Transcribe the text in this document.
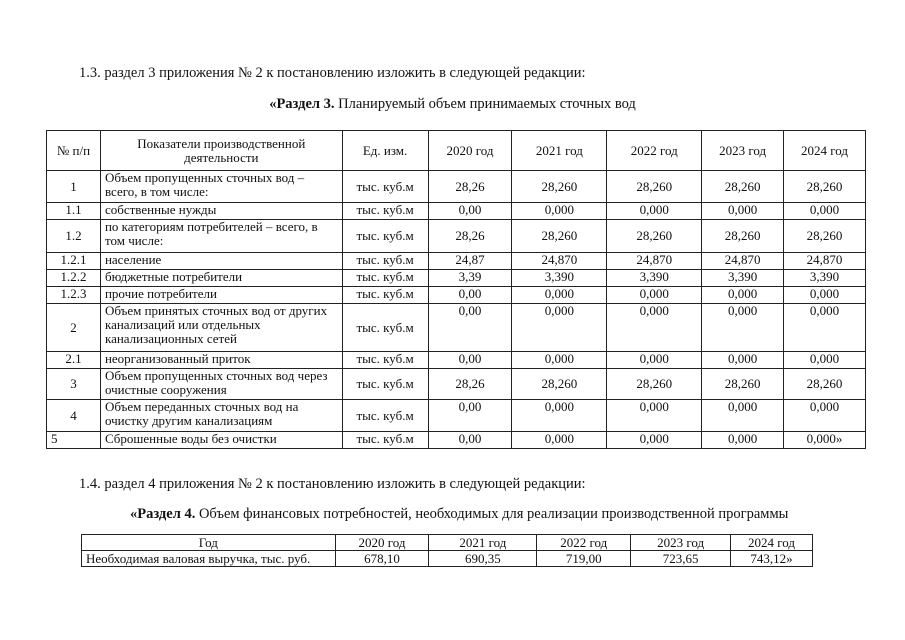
1.3. раздел 3 приложения № 2 к постановлению изложить в следующей редакции:
«Раздел 3. Планируемый объем принимаемых сточных вод
№ п/п	Показатели производственной деятельности	Ед. изм.	2020 год	2021 год	2022 год	2023 год	2024 год
1	Объем пропущенных сточных вод – всего, в том числе:	тыс. куб.м	28,26	28,260	28,260	28,260	28,260
1.1	собственные нужды	тыс. куб.м	0,00	0,000	0,000	0,000	0,000
1.2	по категориям потребителей – всего, в том числе:	тыс. куб.м	28,26	28,260	28,260	28,260	28,260
1.2.1	население	тыс. куб.м	24,87	24,870	24,870	24,870	24,870
1.2.2	бюджетные потребители	тыс. куб.м	3,39	3,390	3,390	3,390	3,390
1.2.3	прочие потребители	тыс. куб.м	0,00	0,000	0,000	0,000	0,000
2	Объем принятых сточных вод от других канализаций или отдельных канализационных сетей	тыс. куб.м	0,00	0,000	0,000	0,000	0,000
2.1	неорганизованный приток	тыс. куб.м	0,00	0,000	0,000	0,000	0,000
3	Объем пропущенных сточных вод через очистные сооружения	тыс. куб.м	28,26	28,260	28,260	28,260	28,260
4	Объем переданных сточных вод на очистку другим канализациям	тыс. куб.м	0,00	0,000	0,000	0,000	0,000
5	Сброшенные воды без очистки	тыс. куб.м	0,00	0,000	0,000	0,000	0,000»
1.4. раздел 4 приложения № 2 к постановлению изложить в следующей редакции:
«Раздел 4. Объем финансовых потребностей, необходимых для реализации производственной программы
Год	2020 год	2021 год	2022 год	2023 год	2024 год
Необходимая валовая выручка, тыс. руб.	678,10	690,35	719,00	723,65	743,12»
